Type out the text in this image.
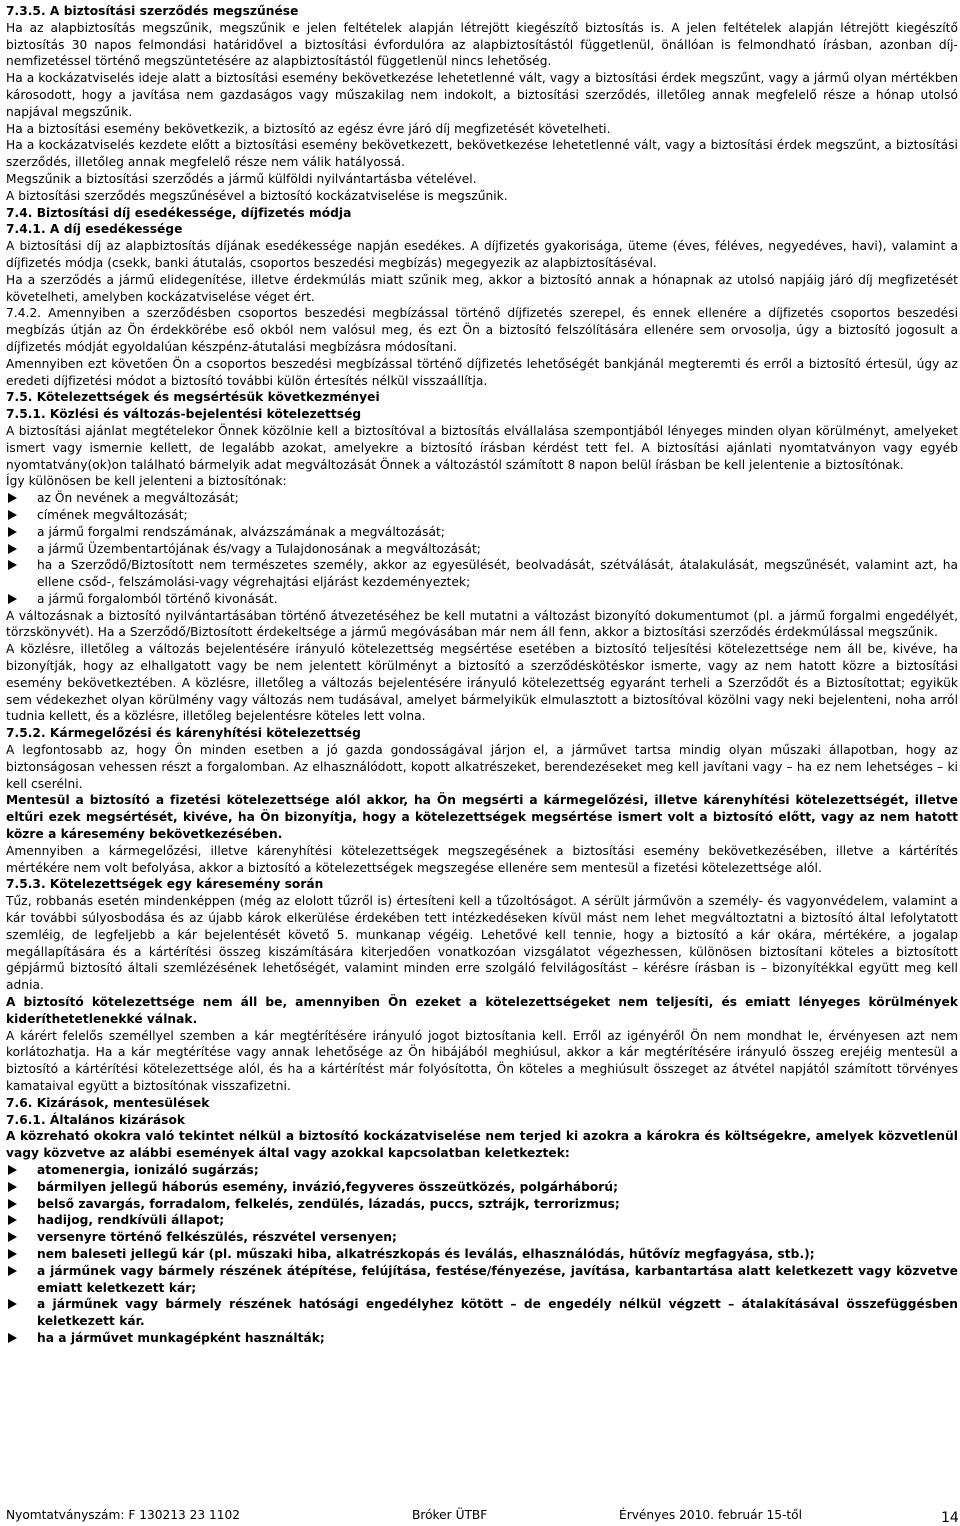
7.3.5. A biztosítási szerződés megszűnése

Ha az alapbiztosítás megszűnik, megszűnik e jelen feltételek alapján létrejött kiegészítő biztosítás is. A jelen feltételek alapján létrejött kiegészítő biztosítás 30 napos felmondási határidővel a biztosítási évfordulóra az alapbiztosítástól függetlenül, önállóan is felmondható írásban, azonban díj-nemfizetéssel történő megszüntetésére az alapbiztosítástól függetlenül nincs lehetőség.

Ha a kockázatviselés ideje alatt a biztosítási esemény bekövetkezése lehetetlenné vált, vagy a biztosítási érdek megszűnt, vagy a jármű olyan mértékben károsodott, hogy a javítása nem gazdaságos vagy műszakilag nem indokolt, a biztosítási szerződés, illetőleg annak megfelelő része a hónap utolsó napjával megszűnik.

Ha a biztosítási esemény bekövetkezik, a biztosító az egész évre járó díj megfizetését követelheti.

Ha a kockázatviselés kezdete előtt a biztosítási esemény bekövetkezett, bekövetkezése lehetetlenné vált, vagy a biztosítási érdek megszűnt, a biztosítási szerződés, illetőleg annak megfelelő része nem válik hatályossá.

Megszűnik a biztosítási szerződés a jármű külföldi nyilvántartásba vételével.

A biztosítási szerződés megszűnésével a biztosító kockázatviselése is megszűnik.

7.4. Biztosítási díj esedékessége, díjfizetés módja
7.4.1. A díj esedékessége

A biztosítási díj az alapbiztosítás díjának esedékessége napján esedékes. A díjfizetés gyakorisága, üteme (éves, féléves, negyedéves, havi), valamint a díjfizetés módja (csekk, banki átutalás, csoportos beszedési megbízás) megegyezik az alapbiztosításéval.

Ha a szerződés a jármű elidegenítése, illetve érdekmúlás miatt szűnik meg, akkor a biztosító annak a hónapnak az utolsó napjáig járó díj megfizetését követelheti, amelyben kockázatviselése véget ért.

7.4.2. Amennyiben a szerződésben csoportos beszedési megbízással történő díjfizetés szerepel, és ennek ellenére a díjfizetés csoportos beszedési megbízás útján az Ön érdekkörébe eső okból nem valósul meg, és ezt Ön a biztosító felszólítására ellenére sem orvosolja, úgy a biztosító jogosult a díjfizetés módját egyoldalúan készpénz-átutalási megbízásra módosítani.

Amennyiben ezt követően Ön a csoportos beszedési megbízással történő díjfizetés lehetőségét bankjánál megteremti és erről a biztosító értesül, úgy az eredeti díjfizetési módot a biztosító további külön értesítés nélkül visszaállítja.

7.5. Kötelezettségek és megsértésük következményei
7.5.1. Közlési és változás-bejelentési kötelezettség

A biztosítási ajánlat megtételekor Önnek közölnie kell a biztosítóval a biztosítás elvállalása szempontjából lényeges minden olyan körülményt, amelyeket ismert vagy ismernie kellett, de legalább azokat, amelyekre a biztosító írásban kérdést tett fel. A biztosítási ajánlati nyomtatványon vagy egyéb nyomtatvány(ok)on található bármelyik adat megváltozását Önnek a változástól számított 8 napon belül írásban be kell jelentenie a biztosítónak.

Így különösen be kell jelenteni a biztosítónak:

az Ön nevének a megváltozását;
címének megváltozását;
a jármű forgalmi rendszámának, alvázszámának a megváltozását;
a jármű Üzembentartójának és/vagy a Tulajdonosának a megváltozását;
ha a Szerződő/Biztosított nem természetes személy, akkor az egyesülését, beolvadását, szétválását, átalakulását, megszűnését, valamint azt, ha ellene csőd-, felszámolási-vagy végrehajtási eljárást kezdeményeztek;
a jármű forgalomból történő kivonását.

A változásnak a biztosító nyilvántartásában történő átvezetéséhez be kell mutatni a változást bizonyító dokumentumot (pl. a jármű forgalmi engedélyét, törzskönyvét). Ha a Szerződő/Biztosított érdekeltsége a jármű megóvásában már nem áll fenn, akkor a biztosítási szerződés érdekmúlással megszűnik.

A közlésre, illetőleg a változás bejelentésére irányuló kötelezettség megsértése esetében a biztosító teljesítési kötelezettsége nem áll be, kivéve, ha bizonyítják, hogy az elhallgatott vagy be nem jelentett körülményt a biztosító a szerződéskötéskor ismerte, vagy az nem hatott közre a biztosítási esemény bekövetkeztében. A közlésre, illetőleg a változás bejelentésére irányuló kötelezettség egyaránt terheli a Szerződőt és a Biztosítottat; egyikük sem védekezhet olyan körülmény vagy változás nem tudásával, amelyet bármelyikük elmulasztott a biztosítóval közölni vagy neki bejelenteni, noha arról tudnia kellett, és a közlésre, illetőleg bejelentésre köteles lett volna.

7.5.2. Kármegelőzési és kárenyhítési kötelezettség

A legfontosabb az, hogy Ön minden esetben a jó gazda gondosságával járjon el, a járművet tartsa mindig olyan műszaki állapotban, hogy az biztonságosan vehessen részt a forgalomban. Az elhasználódott, kopott alkatrészeket, berendezéseket meg kell javítani vagy – ha ez nem lehetséges – ki kell cserélni.

Mentesül a biztosító a fizetési kötelezettsége alól akkor, ha Ön megsérti a kármegelőzési, illetve kárenyhítési kötelezettségét, illetve eltűri ezek megsértését, kivéve, ha Ön bizonyítja, hogy a kötelezettségek megsértése ismert volt a biztosító előtt, vagy az nem hatott közre a káresemény bekövetkezésében.

Amennyiben a kármegelőzési, illetve kárenyhítési kötelezettségek megszegésének a biztosítási esemény bekövetkezésében, illetve a kártérítés mértékére nem volt befolyása, akkor a biztosító a kötelezettségek megszegése ellenére sem mentesül a fizetési kötelezettsége alól.

7.5.3. Kötelezettségek egy káresemény során

Tűz, robbanás esetén mindenképpen (még az elolott tűzről is) értesíteni kell a tűzoltóságot. A sérült járművön a személy- és vagyonvédelem, valamint a kár további súlyosbodása és az újabb károk elkerülése érdekében tett intézkedéseken kívül mást nem lehet megváltoztatni a biztosító által lefolytatott szemléig, de legfeljebb a kár bejelentését követő 5. munkanap végéig. Lehetővé kell tennie, hogy a biztosító a kár okára, mértékére, a jogalap megállapítására és a kártérítési összeg kiszámítására kiterjedően vonatkozóan vizsgálatot végezhessen, különösen biztosítani köteles a biztosított gépjármű biztosító általi szemlézésének lehetőségét, valamint minden erre szolgáló felvilágosítást – kérésre írásban is – bizonyítékkal együtt meg kell adnia.

A biztosító kötelezettsége nem áll be, amennyiben Ön ezeket a kötelezettségeket nem teljesíti, és emiatt lényeges körülmények kideríthetetlenekké válnak.

A kárért felelős személlyel szemben a kár megtérítésére irányuló jogot biztosítania kell. Erről az igényéről Ön nem mondhat le, érvényesen azt nem korlátozhatja. Ha a kár megtérítése vagy annak lehetősége az Ön hibájából meghiúsul, akkor a kár megtérítésére irányuló összeg erejéig mentesül a biztosító a kártérítési kötelezettsége alól, és ha a kártérítést már folyósította, Ön köteles a meghiúsult összeget az átvétel napjától számított törvényes kamataival együtt a biztosítónak visszafizetni.

7.6. Kizárások, mentesülések
7.6.1. Általános kizárások

A közreható okokra való tekintet nélkül a biztosító kockázatviselése nem terjed ki azokra a károkra és költségekre, amelyek közvetlenül vagy közvetve az alábbi események által vagy azokkal kapcsolatban keletkeztek:

atomenergia, ionizáló sugárzás;
bármilyen jellegű háborús esemény, invázió,fegyveres összeütközés, polgárháború;
belső zavargás, forradalom, felkelés, zendülés, lázadás, puccs, sztrájk, terrorizmus;
hadijog, rendkívüli állapot;
versenyre történő felkészülés, részvétel versenyen;
nem baleseti jellegű kár (pl. műszaki hiba, alkatrészkopás és leválás, elhasználódás, hűtővíz megfagyása, stb.);
a járműnek vagy bármely részének átépítése, felújítása, festése/fényezése, javítása, karbantartása alatt keletkezett vagy közvetve emiatt keletkezett kár;
a járműnek vagy bármely részének hatósági engedélyhez kötött – de engedély nélkül végzett – átalakításával összefüggésben keletkezett kár.
ha a járművet munkagépként használták;
Nyomtatványszám: F 130213 23 1102	Bróker ÜTBF	Érvényes 2010. február 15-től	14
